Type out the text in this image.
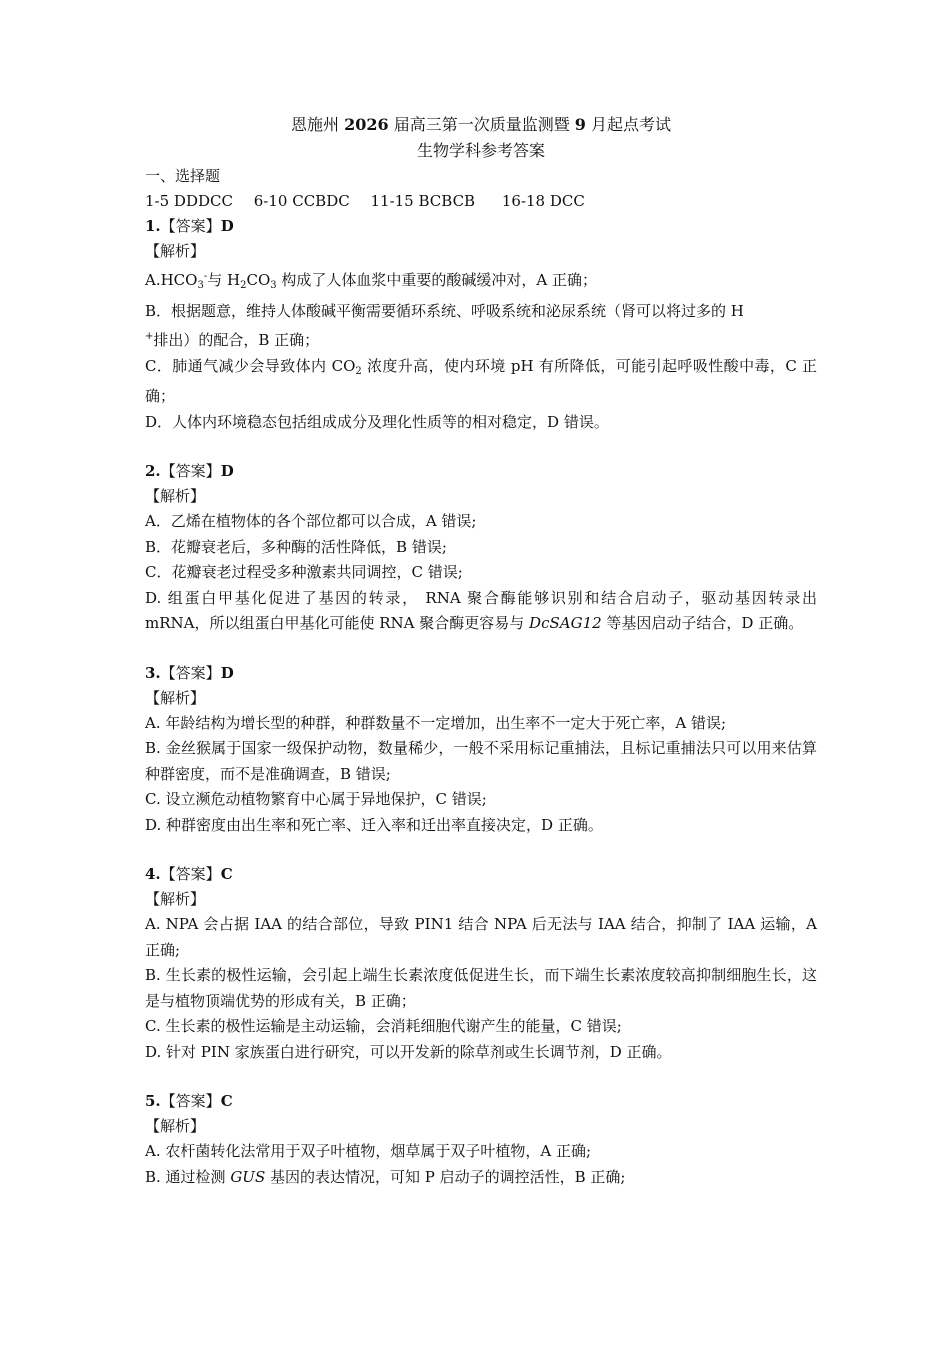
恩施州 2026 届高三第一次质量监测暨 9 月起点考试
生物学科参考答案
一、选择题
1-5 DDDCC 6-10 CCBDC 11-15 BCBCB 16-18 DCC
1.【答案】D
【解析】
$A.HCO_3^-$与 $H_2CO_3$ 构成了人体血浆中重要的酸碱缓冲对，A 正确；
B．根据题意，维持人体酸碱平衡需要循环系统、呼吸系统和泌尿系统（肾可以将过多的 H
+排出）的配合，B 正确；
C．肺通气减少会导致体内 $CO_2$ 浓度升高，使内环境 pH 有所降低，可能引起呼吸性酸中毒，C 正确；
D．人体内环境稳态包括组成成分及理化性质等的相对稳定，D 错误。
2.【答案】D
【解析】
A．乙烯在植物体的各个部位都可以合成，A 错误;
B．花瓣衰老后，多种酶的活性降低，B 错误;
C．花瓣衰老过程受多种激素共同调控，C 错误;
D. 组蛋白甲基化促进了基因的转录， RNA 聚合酶能够识别和结合启动子，驱动基因转录出 mRNA，所以组蛋白甲基化可能使 RNA 聚合酶更容易与 DcSAG12 等基因启动子结合，D 正确。
3.【答案】D
【解析】
A. 年龄结构为增长型的种群，种群数量不一定增加，出生率不一定大于死亡率，A 错误;
B. 金丝猴属于国家一级保护动物，数量稀少，一般不采用标记重捕法，且标记重捕法只可以用来估算种群密度，而不是准确调查，B 错误;
C. 设立濒危动植物繁育中心属于异地保护，C 错误;
D. 种群密度由出生率和死亡率、迁入率和迁出率直接决定，D 正确。
4.【答案】C
【解析】
A. NPA 会占据 IAA 的结合部位，导致 PIN1 结合 NPA 后无法与 IAA 结合，抑制了 IAA 运输，A 正确;
B. 生长素的极性运输，会引起上端生长素浓度低促进生长，而下端生长素浓度较高抑制细胞生长，这是与植物顶端优势的形成有关，B 正确；
C. 生长素的极性运输是主动运输，会消耗细胞代谢产生的能量，C 错误;
D. 针对 PIN 家族蛋白进行研究，可以开发新的除草剂或生长调节剂，D 正确。
5.【答案】C
【解析】
A. 农杆菌转化法常用于双子叶植物，烟草属于双子叶植物，A 正确;
B. 通过检测 GUS 基因的表达情况，可知 P 启动子的调控活性，B 正确;
